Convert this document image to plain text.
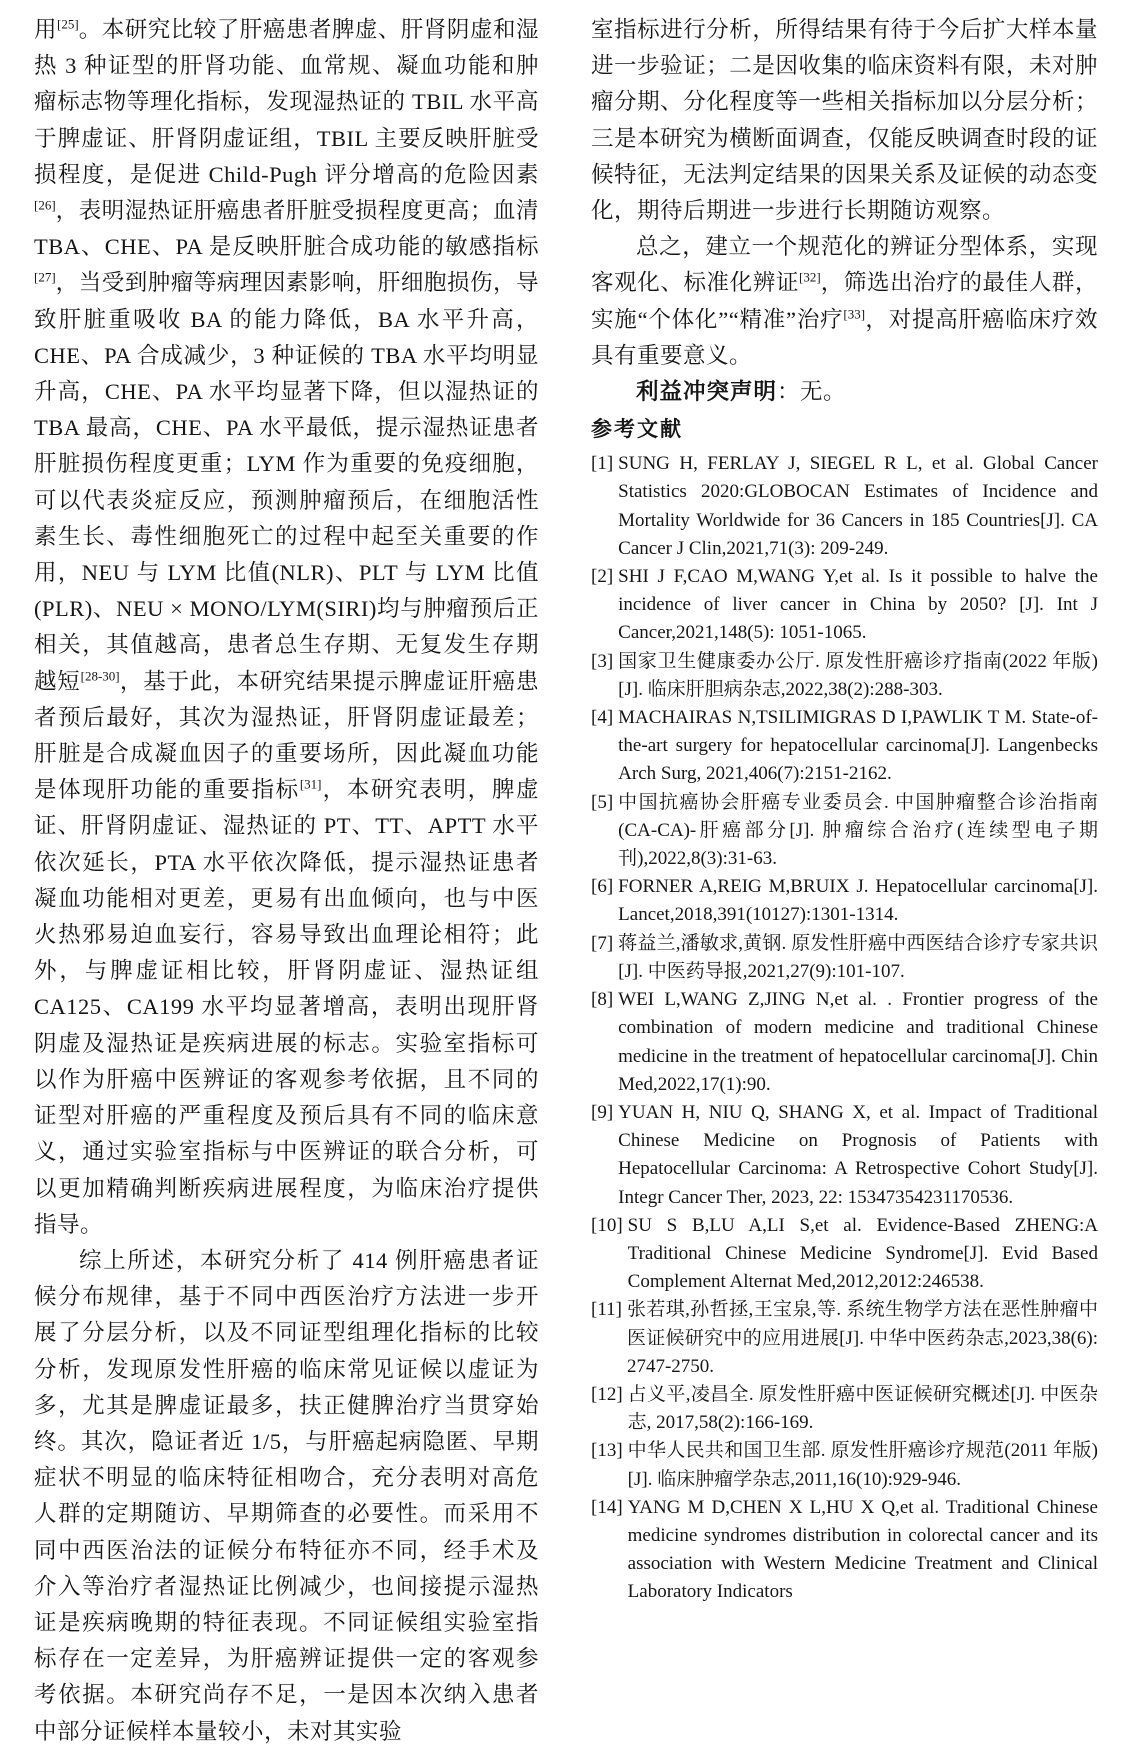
用[25]。本研究比较了肝癌患者脾虚、肝肾阴虚和湿热 3 种证型的肝肾功能、血常规、凝血功能和肿瘤标志物等理化指标，发现湿热证的 TBIL 水平高于脾虚证、肝肾阴虚证组，TBIL 主要反映肝脏受损程度，是促进 Child-Pugh 评分增高的危险因素[26]，表明湿热证肝癌患者肝脏受损程度更高；血清 TBA、CHE、PA 是反映肝脏合成功能的敏感指标[27]，当受到肿瘤等病理因素影响，肝细胞损伤，导致肝脏重吸收 BA 的能力降低，BA 水平升高，CHE、PA 合成减少，3 种证候的 TBA 水平均明显升高，CHE、PA 水平均显著下降，但以湿热证的 TBA 最高，CHE、PA 水平最低，提示湿热证患者肝脏损伤程度更重；LYM 作为重要的免疫细胞，可以代表炎症反应，预测肿瘤预后，在细胞活性素生长、毒性细胞死亡的过程中起至关重要的作用，NEU 与 LYM 比值(NLR)、PLT 与 LYM 比值(PLR)、NEU × MONO/LYM(SIRI)均与肿瘤预后正相关，其值越高，患者总生存期、无复发生存期越短[28-30]，基于此，本研究结果提示脾虚证肝癌患者预后最好，其次为湿热证，肝肾阴虚证最差；肝脏是合成凝血因子的重要场所，因此凝血功能是体现肝功能的重要指标[31]，本研究表明，脾虚证、肝肾阴虚证、湿热证的 PT、TT、APTT 水平依次延长，PTA 水平依次降低，提示湿热证患者凝血功能相对更差，更易有出血倾向，也与中医火热邪易迫血妄行，容易导致出血理论相符；此外，与脾虚证相比较，肝肾阴虚证、湿热证组 CA125、CA199 水平均显著增高，表明出现肝肾阴虚及湿热证是疾病进展的标志。实验室指标可以作为肝癌中医辨证的客观参考依据，且不同的证型对肝癌的严重程度及预后具有不同的临床意义，通过实验室指标与中医辨证的联合分析，可以更加精确判断疾病进展程度，为临床治疗提供指导。

综上所述，本研究分析了 414 例肝癌患者证候分布规律，基于不同中西医治疗方法进一步开展了分层分析，以及不同证型组理化指标的比较分析，发现原发性肝癌的临床常见证候以虚证为多，尤其是脾虚证最多，扶正健脾治疗当贯穿始终。其次，隐证者近 1/5，与肝癌起病隐匿、早期症状不明显的临床特征相吻合，充分表明对高危人群的定期随访、早期筛查的必要性。而采用不同中西医治法的证候分布特征亦不同，经手术及介入等治疗者湿热证比例减少，也间接提示湿热证是疾病晚期的特征表现。不同证候组实验室指标存在一定差异，为肝癌辨证提供一定的客观参考依据。本研究尚存不足，一是因本次纳入患者中部分证候样本量较小，未对其实验

室指标进行分析，所得结果有待于今后扩大样本量进一步验证；二是因收集的临床资料有限，未对肿瘤分期、分化程度等一些相关指标加以分层分析；三是本研究为横断面调查，仅能反映调查时段的证候特征，无法判定结果的因果关系及证候的动态变化，期待后期进一步进行长期随访观察。

总之，建立一个规范化的辨证分型体系，实现客观化、标准化辨证[32]，筛选出治疗的最佳人群，实施“个体化”“精准”治疗[33]，对提高肝癌临床疗效具有重要意义。

利益冲突声明：无。

参考文献
[1] SUNG H, FERLAY J, SIEGEL R L, et al. Global Cancer Statistics 2020:GLOBOCAN Estimates of Incidence and Mortality Worldwide for 36 Cancers in 185 Countries[J]. CA Cancer J Clin,2021,71(3): 209-249.
[2] SHI J F,CAO M,WANG Y,et al. Is it possible to halve the incidence of liver cancer in China by 2050? [J]. Int J Cancer,2021,148(5): 1051-1065.
[3] 国家卫生健康委办公厅. 原发性肝癌诊疗指南(2022 年版)[J]. 临床肝胆病杂志,2022,38(2):288-303.
[4] MACHAIRAS N,TSILIMIGRAS D I,PAWLIK T M. State-of-the-art surgery for hepatocellular carcinoma[J]. Langenbecks Arch Surg, 2021,406(7):2151-2162.
[5] 中国抗癌协会肝癌专业委员会. 中国肿瘤整合诊治指南(CA-CA)-肝癌部分[J]. 肿瘤综合治疗(连续型电子期刊),2022,8(3):31-63.
[6] FORNER A,REIG M,BRUIX J. Hepatocellular carcinoma[J]. Lancet,2018,391(10127):1301-1314.
[7] 蒋益兰,潘敏求,黄钢. 原发性肝癌中西医结合诊疗专家共识[J]. 中医药导报,2021,27(9):101-107.
[8] WEI L,WANG Z,JING N,et al. . Frontier progress of the combination of modern medicine and traditional Chinese medicine in the treatment of hepatocellular carcinoma[J]. Chin Med,2022,17(1):90.
[9] YUAN H, NIU Q, SHANG X, et al. Impact of Traditional Chinese Medicine on Prognosis of Patients with Hepatocellular Carcinoma: A Retrospective Cohort Study[J]. Integr Cancer Ther, 2023, 22: 15347354231170536.
[10] SU S B,LU A,LI S,et al. Evidence-Based ZHENG:A Traditional Chinese Medicine Syndrome[J]. Evid Based Complement Alternat Med,2012,2012:246538.
[11] 张若琪,孙哲拯,王宝泉,等. 系统生物学方法在恶性肿瘤中医证候研究中的应用进展[J]. 中华中医药杂志,2023,38(6): 2747-2750.
[12] 占义平,凌昌全. 原发性肝癌中医证候研究概述[J]. 中医杂志, 2017,58(2):166-169.
[13] 中华人民共和国卫生部. 原发性肝癌诊疗规范(2011 年版)[J]. 临床肿瘤学杂志,2011,16(10):929-946.
[14] YANG M D,CHEN X L,HU X Q,et al. Traditional Chinese medicine syndromes distribution in colorectal cancer and its association with Western Medicine Treatment and Clinical Laboratory Indicators
